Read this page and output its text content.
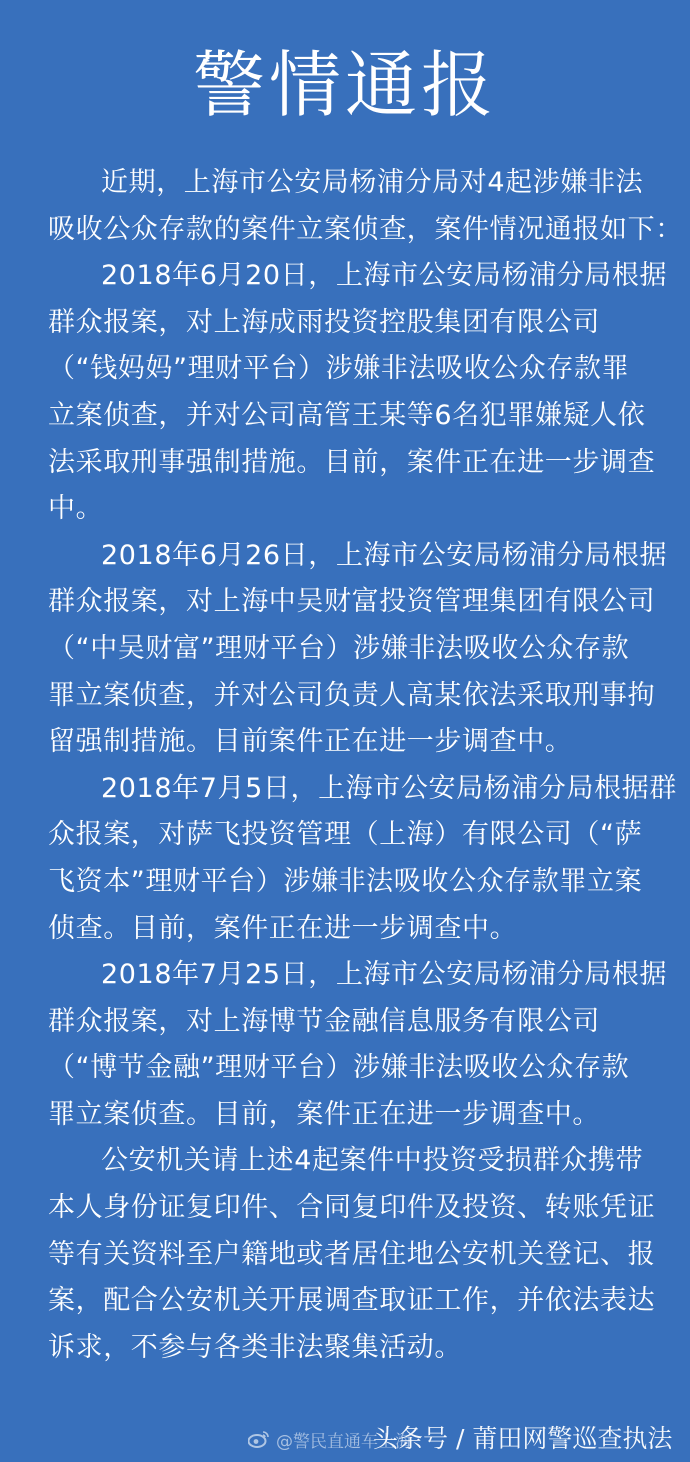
警情通报
近期，上海市公安局杨浦分局对4起涉嫌非法
吸收公众存款的案件立案侦查，案件情况通报如下：
2018年6月20日，上海市公安局杨浦分局根据
群众报案，对上海成雨投资控股集团有限公司
（“钱妈妈”理财平台）涉嫌非法吸收公众存款罪
立案侦查，并对公司高管王某等6名犯罪嫌疑人依
法采取刑事强制措施。目前，案件正在进一步调查
中。
2018年6月26日，上海市公安局杨浦分局根据
群众报案，对上海中吴财富投资管理集团有限公司
（“中吴财富”理财平台）涉嫌非法吸收公众存款
罪立案侦查，并对公司负责人高某依法采取刑事拘
留强制措施。目前案件正在进一步调查中。
2018年7月5日，上海市公安局杨浦分局根据群
众报案，对萨飞投资管理（上海）有限公司（“萨
飞资本”理财平台）涉嫌非法吸收公众存款罪立案
侦查。目前，案件正在进一步调查中。
2018年7月25日，上海市公安局杨浦分局根据
群众报案，对上海博节金融信息服务有限公司
（“博节金融”理财平台）涉嫌非法吸收公众存款
罪立案侦查。目前，案件正在进一步调查中。
公安机关请上述4起案件中投资受损群众携带
本人身份证复印件、合同复印件及投资、转账凭证
等有关资料至户籍地或者居住地公安机关登记、报
案，配合公安机关开展调查取证工作，并依法表达
诉求，不参与各类非法聚集活动。
@警民直通车上海
头条号 / 莆田网警巡查执法
